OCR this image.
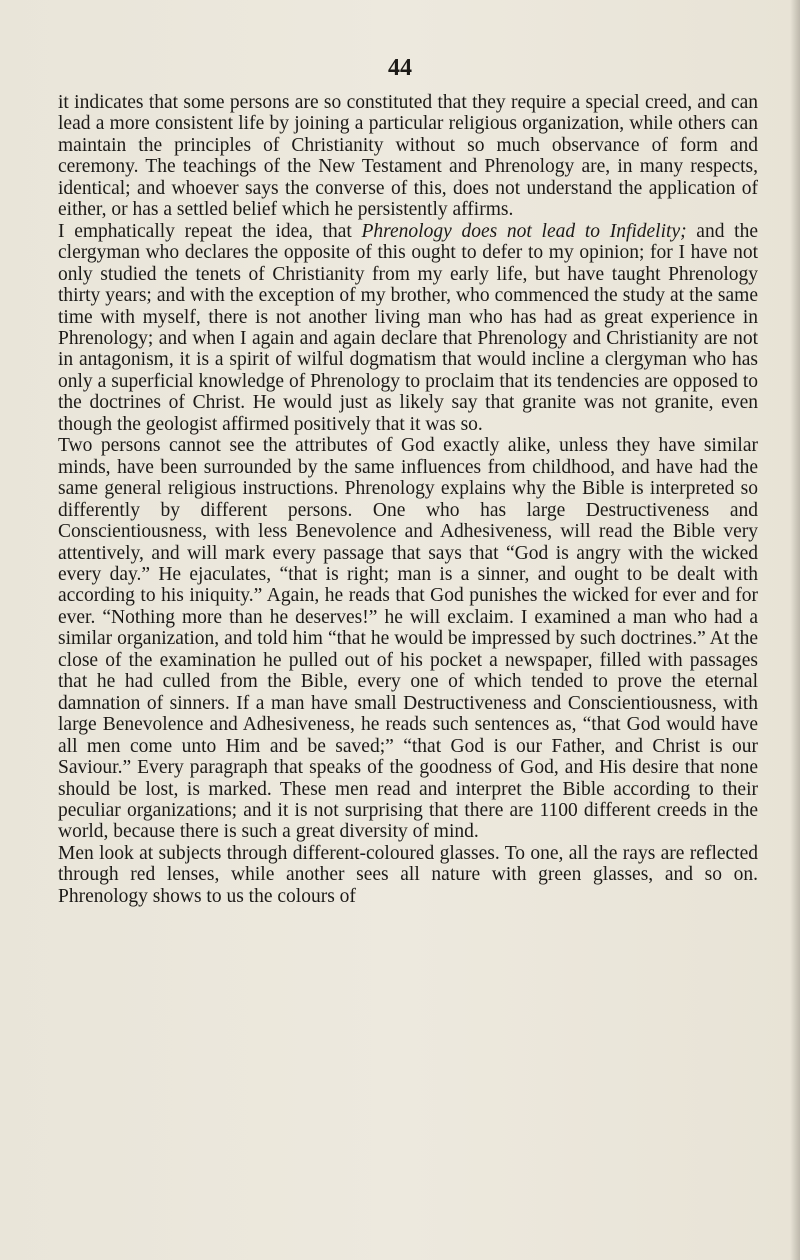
44

it indicates that some persons are so constituted that they require a special creed, and can lead a more consistent life by joining a particular religious organization, while others can maintain the principles of Christianity without so much observance of form and ceremony. The teachings of the New Testament and Phrenology are, in many respects, identical; and whoever says the converse of this, does not understand the application of either, or has a settled belief which he persistently affirms.

I emphatically repeat the idea, that Phrenology does not lead to Infidelity; and the clergyman who declares the opposite of this ought to defer to my opinion; for I have not only studied the tenets of Christianity from my early life, but have taught Phrenology thirty years; and with the exception of my brother, who commenced the study at the same time with myself, there is not another living man who has had as great experience in Phrenology; and when I again and again declare that Phrenology and Christianity are not in antagonism, it is a spirit of wilful dogmatism that would incline a clergyman who has only a superficial knowledge of Phrenology to proclaim that its tendencies are opposed to the doctrines of Christ. He would just as likely say that granite was not granite, even though the geologist affirmed positively that it was so.

Two persons cannot see the attributes of God exactly alike, unless they have similar minds, have been surrounded by the same influences from childhood, and have had the same general religious instructions. Phrenology explains why the Bible is interpreted so differently by different persons. One who has large Destructiveness and Conscientiousness, with less Benevolence and Adhesiveness, will read the Bible very attentively, and will mark every passage that says that “God is angry with the wicked every day.” He ejaculates, “that is right; man is a sinner, and ought to be dealt with according to his iniquity.” Again, he reads that God punishes the wicked for ever and for ever. “Nothing more than he deserves!” he will exclaim. I examined a man who had a similar organization, and told him “that he would be impressed by such doctrines.” At the close of the examination he pulled out of his pocket a newspaper, filled with passages that he had culled from the Bible, every one of which tended to prove the eternal damnation of sinners. If a man have small Destructiveness and Conscientiousness, with large Benevolence and Adhesiveness, he reads such sentences as, “that God would have all men come unto Him and be saved;” “that God is our Father, and Christ is our Saviour.” Every paragraph that speaks of the goodness of God, and His desire that none should be lost, is marked. These men read and interpret the Bible according to their peculiar organizations; and it is not surprising that there are 1100 different creeds in the world, because there is such a great diversity of mind.

Men look at subjects through different-coloured glasses. To one, all the rays are reflected through red lenses, while another sees all nature with green glasses, and so on. Phrenology shows to us the colours of
